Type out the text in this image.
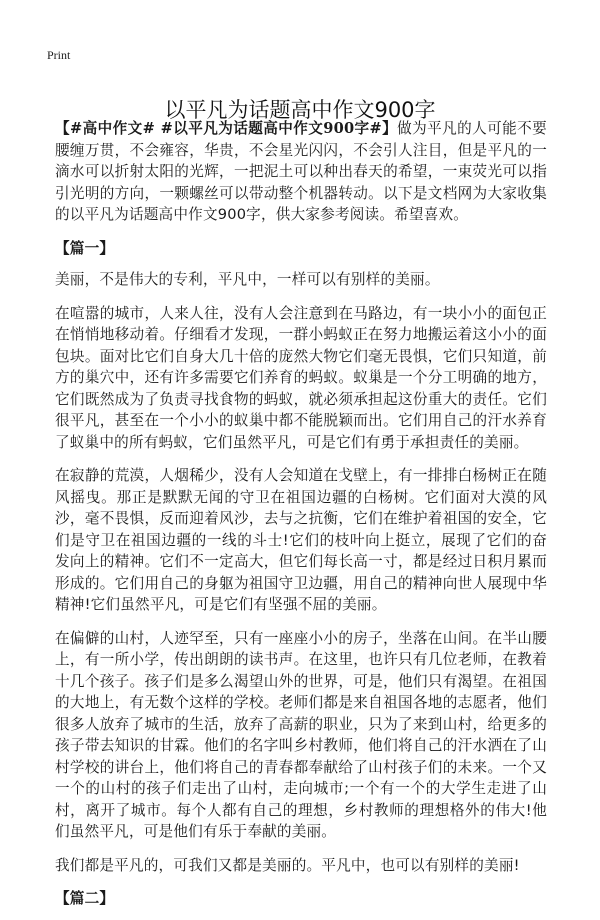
Print
以平凡为话题高中作文900字

【#高中作文# #以平凡为话题高中作文900字#】做为平凡的人可能不要腰缠万贯，不会雍容，华贵，不会星光闪闪，不会引人注目，但是平凡的一滴水可以折射太阳的光辉，一把泥土可以种出春天的希望，一束荧光可以指引光明的方向，一颗螺丝可以带动整个机器转动。以下是文档网为大家收集的以平凡为话题高中作文900字，供大家参考阅读。希望喜欢。

【篇一】

美丽，不是伟大的专利，平凡中，一样可以有别样的美丽。

在喧嚣的城市，人来人往，没有人会注意到在马路边，有一块小小的面包正在悄悄地移动着。仔细看才发现，一群小蚂蚁正在努力地搬运着这小小的面包块。面对比它们自身大几十倍的庞然大物它们毫无畏惧，它们只知道，前方的巢穴中，还有许多需要它们养育的蚂蚁。蚁巢是一个分工明确的地方，它们既然成为了负责寻找食物的蚂蚁，就必须承担起这份重大的责任。它们很平凡，甚至在一个小小的蚁巢中都不能脱颖而出。它们用自己的汗水养育了蚁巢中的所有蚂蚁，它们虽然平凡，可是它们有勇于承担责任的美丽。

在寂静的荒漠，人烟稀少，没有人会知道在戈壁上，有一排排白杨树正在随风摇曳。那正是默默无闻的守卫在祖国边疆的白杨树。它们面对大漠的风沙，毫不畏惧，反而迎着风沙，去与之抗衡，它们在维护着祖国的安全，它们是守卫在祖国边疆的一线的斗士!它们的枝叶向上挺立，展现了它们的奋发向上的精神。它们不一定高大，但它们每长高一寸，都是经过日积月累而形成的。它们用自己的身躯为祖国守卫边疆，用自己的精神向世人展现中华精神!它们虽然平凡，可是它们有坚强不屈的美丽。

在偏僻的山村，人迹罕至，只有一座座小小的房子，坐落在山间。在半山腰上，有一所小学，传出朗朗的读书声。在这里，也许只有几位老师，在教着十几个孩子。孩子们是多么渴望山外的世界，可是，他们只有渴望。在祖国的大地上，有无数个这样的学校。老师们都是来自祖国各地的志愿者，他们很多人放弃了城市的生活，放弃了高薪的职业，只为了来到山村，给更多的孩子带去知识的甘霖。他们的名字叫乡村教师，他们将自己的汗水洒在了山村学校的讲台上，他们将自己的青春都奉献给了山村孩子们的未来。一个又一个的山村的孩子们走出了山村，走向城市;一个有一个的大学生走进了山村，离开了城市。每个人都有自己的理想，乡村教师的理想格外的伟大!他们虽然平凡，可是他们有乐于奉献的美丽。

我们都是平凡的，可我们又都是美丽的。平凡中，也可以有别样的美丽!

【篇二】
